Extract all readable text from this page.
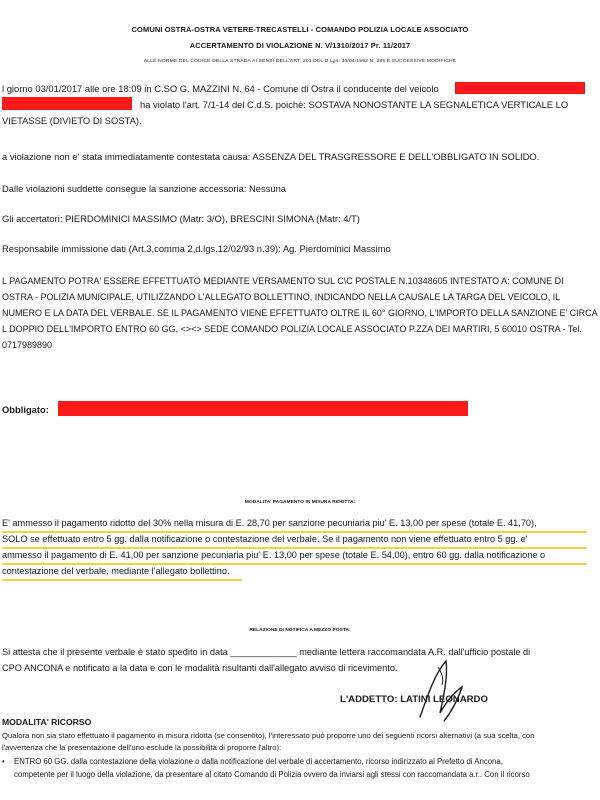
COMUNI OSTRA-OSTRA VETERE-TRECASTELLI - COMANDO POLIZIA LOCALE ASSOCIATO
ACCERTAMENTO DI VIOLAZIONE N. V/1310/2017 Pr. 11/2017
ALLE NORME DEL CODICE DELLA STRADA AI SENSI DELL'ART. 201 DEL D.Lgs. 30/04/1992 N. 285 E SUCCESSIVE MODIFICHE
l giorno 03/01/2017 alle ore 18:09 in C.SO G. MAZZINI N. 64 - Comune di Ostra il conducente del veicolo
ha violato l'art. 7/1-14 del C.d.S. poichè: SOSTAVA NONOSTANTE LA SEGNALETICA VERTICALE LO
VIETASSE (DIVIETO DI SOSTA).
a violazione non e' stata immediatamente contestata causa: ASSENZA DEL TRASGRESSORE E DELL'OBBLIGATO IN SOLIDO.
Dalle violazioni suddette consegue la sanzione accessoria: Nessuna
Gli accertatori: PIERDOMINICI MASSIMO (Matr: 3/O), BRESCINI SIMONA (Matr: 4/T)
Responsabile immissione dati (Art.3,comma 2,d.lgs.12/02/93 n.39): Ag. Pierdominici Massimo
L PAGAMENTO POTRA' ESSERE EFFETTUATO MEDIANTE VERSAMENTO SUL C\C POSTALE N.10348605 INTESTATO A: COMUNE DI
OSTRA - POLIZIA MUNICIPALE, UTILIZZANDO L'ALLEGATO BOLLETTINO, INDICANDO NELLA CAUSALE LA TARGA DEL VEICOLO, IL
NUMERO E LA DATA DEL VERBALE. SE IL PAGAMENTO VIENE EFFETTUATO OLTRE IL 60° GIORNO, L'IMPORTO DELLA SANZIONE E' CIRCA
L DOPPIO DELL'IMPORTO ENTRO 60 GG. <><> SEDE COMANDO POLIZIA LOCALE ASSOCIATO P.ZZA DEI MARTIRI, 5 60010 OSTRA - Tel.
0717989890
Obbligato:
MODALITA' PAGAMENTO IN MISURA RIDOTTA:
E' ammesso il pagamento ridotto del 30% nella misura di E. 28,70 per sanzione pecuniaria piu' E. 13,00 per spese (totale E. 41,70),
SOLO se effettuato entro 5 gg. dalla notificazione o contestazione del verbale. Se il pagamento non viene effettuato entro 5 gg. e'
ammesso il pagamento di E. 41,00 per sanzione pecuniaria piu' E. 13,00 per spese (totale E. 54,00), entro 60 gg. dalla notificazione o
contestazione del verbale, mediante l'allegato bollettino.
RELAZIONE DI NOTIFICA A MEZZO POSTA:
Si attesta che il presente verbale è stato spedito in data _____________ mediante lettera raccomandata A.R. dall'ufficio postale di
CPO ANCONA e notificato a la data e con le modalità risultanti dall'allegato avviso di ricevimento.
L'ADDETTO: LATINI LEONARDO
MODALITA' RICORSO
Qualora non sia stato effettuato il pagamento in misura ridotta (se consentito), l'interessato può proporre uno dei seguenti ricorsi alternativi (a sua scelta, con
l'avvertenza che la presentazione dell'uno esclude la possibilità di proporre l'altro):
• ENTRO 60 GG. dalla contestazione della violazione o dalla notificazione del verbale di accertamento, ricorso indirizzato al Prefetto di Ancona,
competente per il luogo della violazione, da presentare al citato Comando di Polizia ovvero da inviarsi agli stessi con raccomandata a.r.. Con il ricorso
